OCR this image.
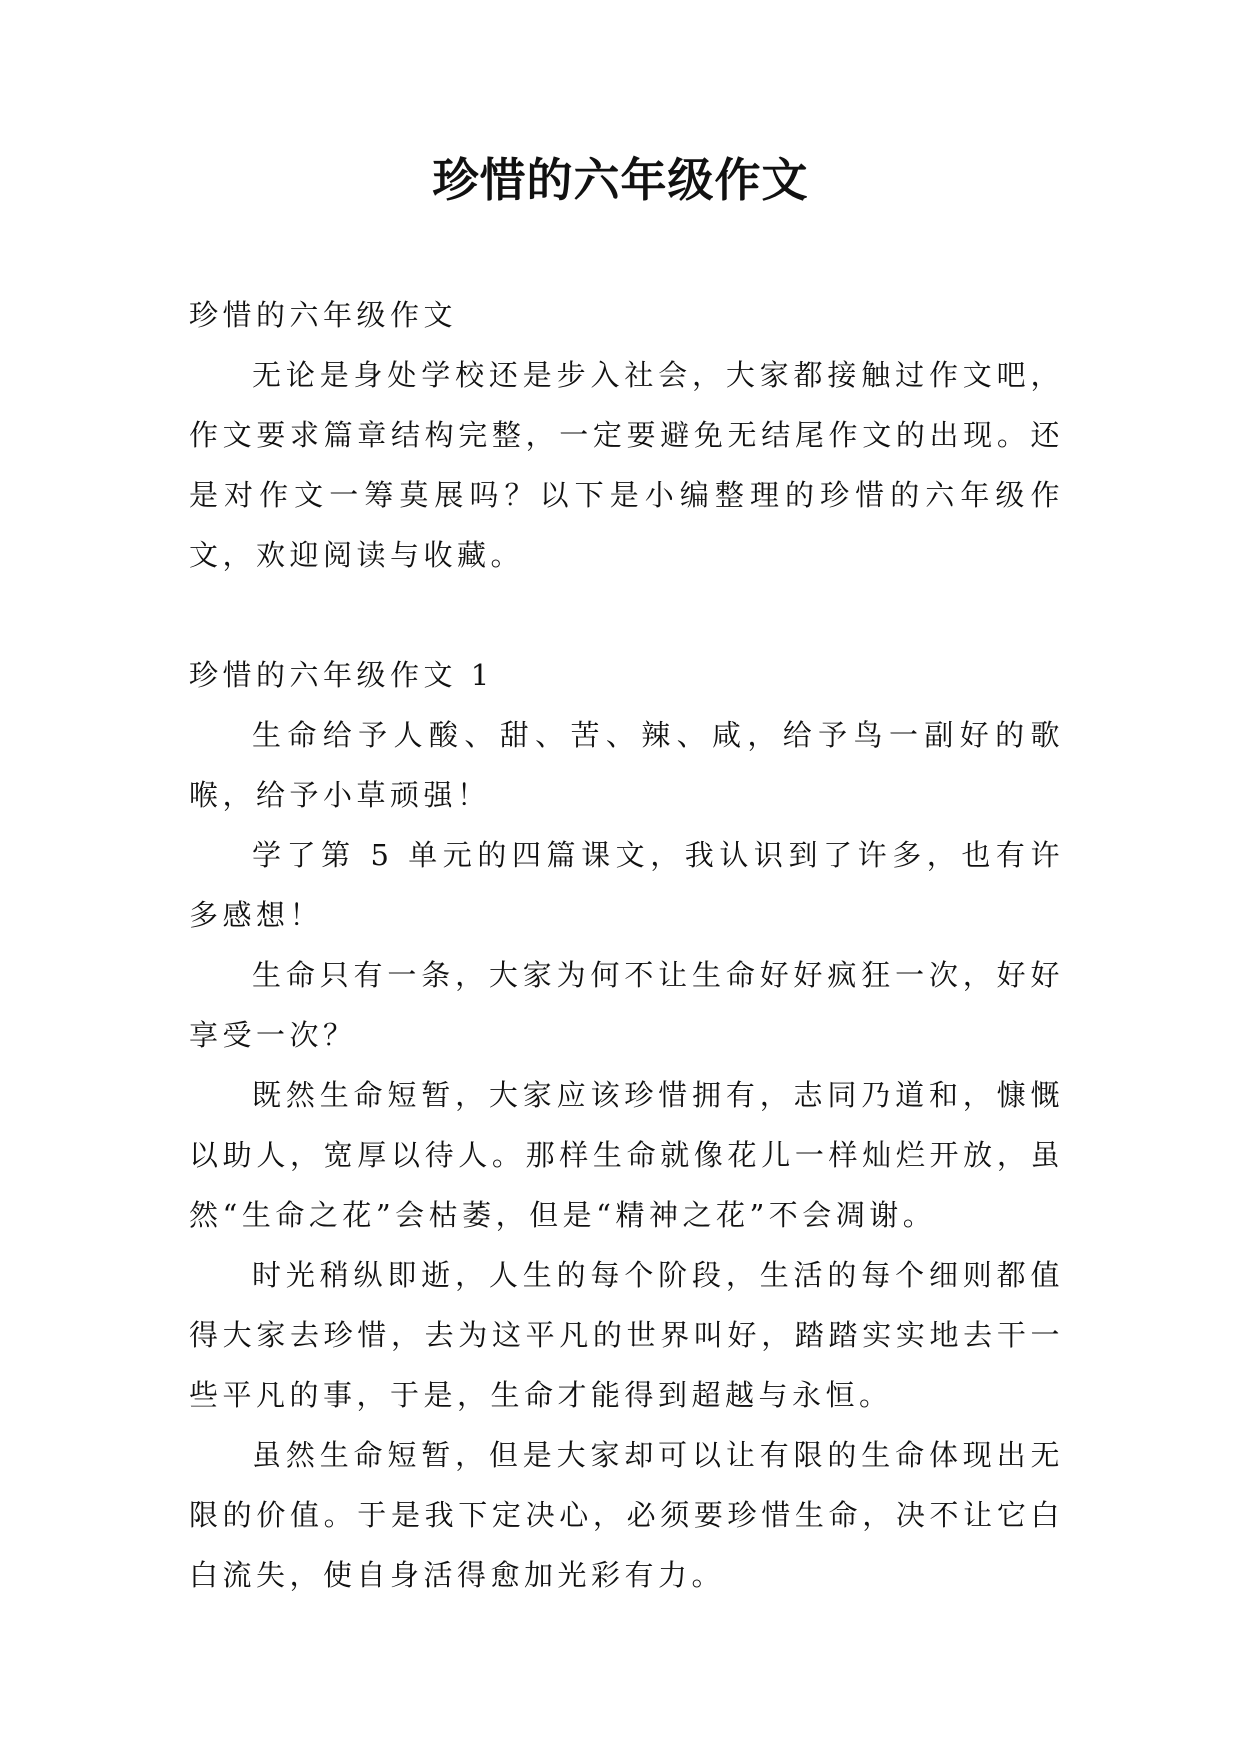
珍惜的六年级作文

珍惜的六年级作文

无论是身处学校还是步入社会，大家都接触过作文吧，作文要求篇章结构完整，一定要避免无结尾作文的出现。还是对作文一筹莫展吗？以下是小编整理的珍惜的六年级作文，欢迎阅读与收藏。

珍惜的六年级作文 1

生命给予人酸、甜、苦、辣、咸，给予鸟一副好的歌喉，给予小草顽强！

学了第 5 单元的四篇课文，我认识到了许多，也有许多感想！

生命只有一条，大家为何不让生命好好疯狂一次，好好享受一次？

既然生命短暂，大家应该珍惜拥有，志同乃道和，慷慨以助人，宽厚以待人。那样生命就像花儿一样灿烂开放，虽然“生命之花”会枯萎，但是“精神之花”不会凋谢。

时光稍纵即逝，人生的每个阶段，生活的每个细则都值得大家去珍惜，去为这平凡的世界叫好，踏踏实实地去干一些平凡的事，于是，生命才能得到超越与永恒。

虽然生命短暂，但是大家却可以让有限的生命体现出无限的价值。于是我下定决心，必须要珍惜生命，决不让它白白流失，使自身活得愈加光彩有力。
